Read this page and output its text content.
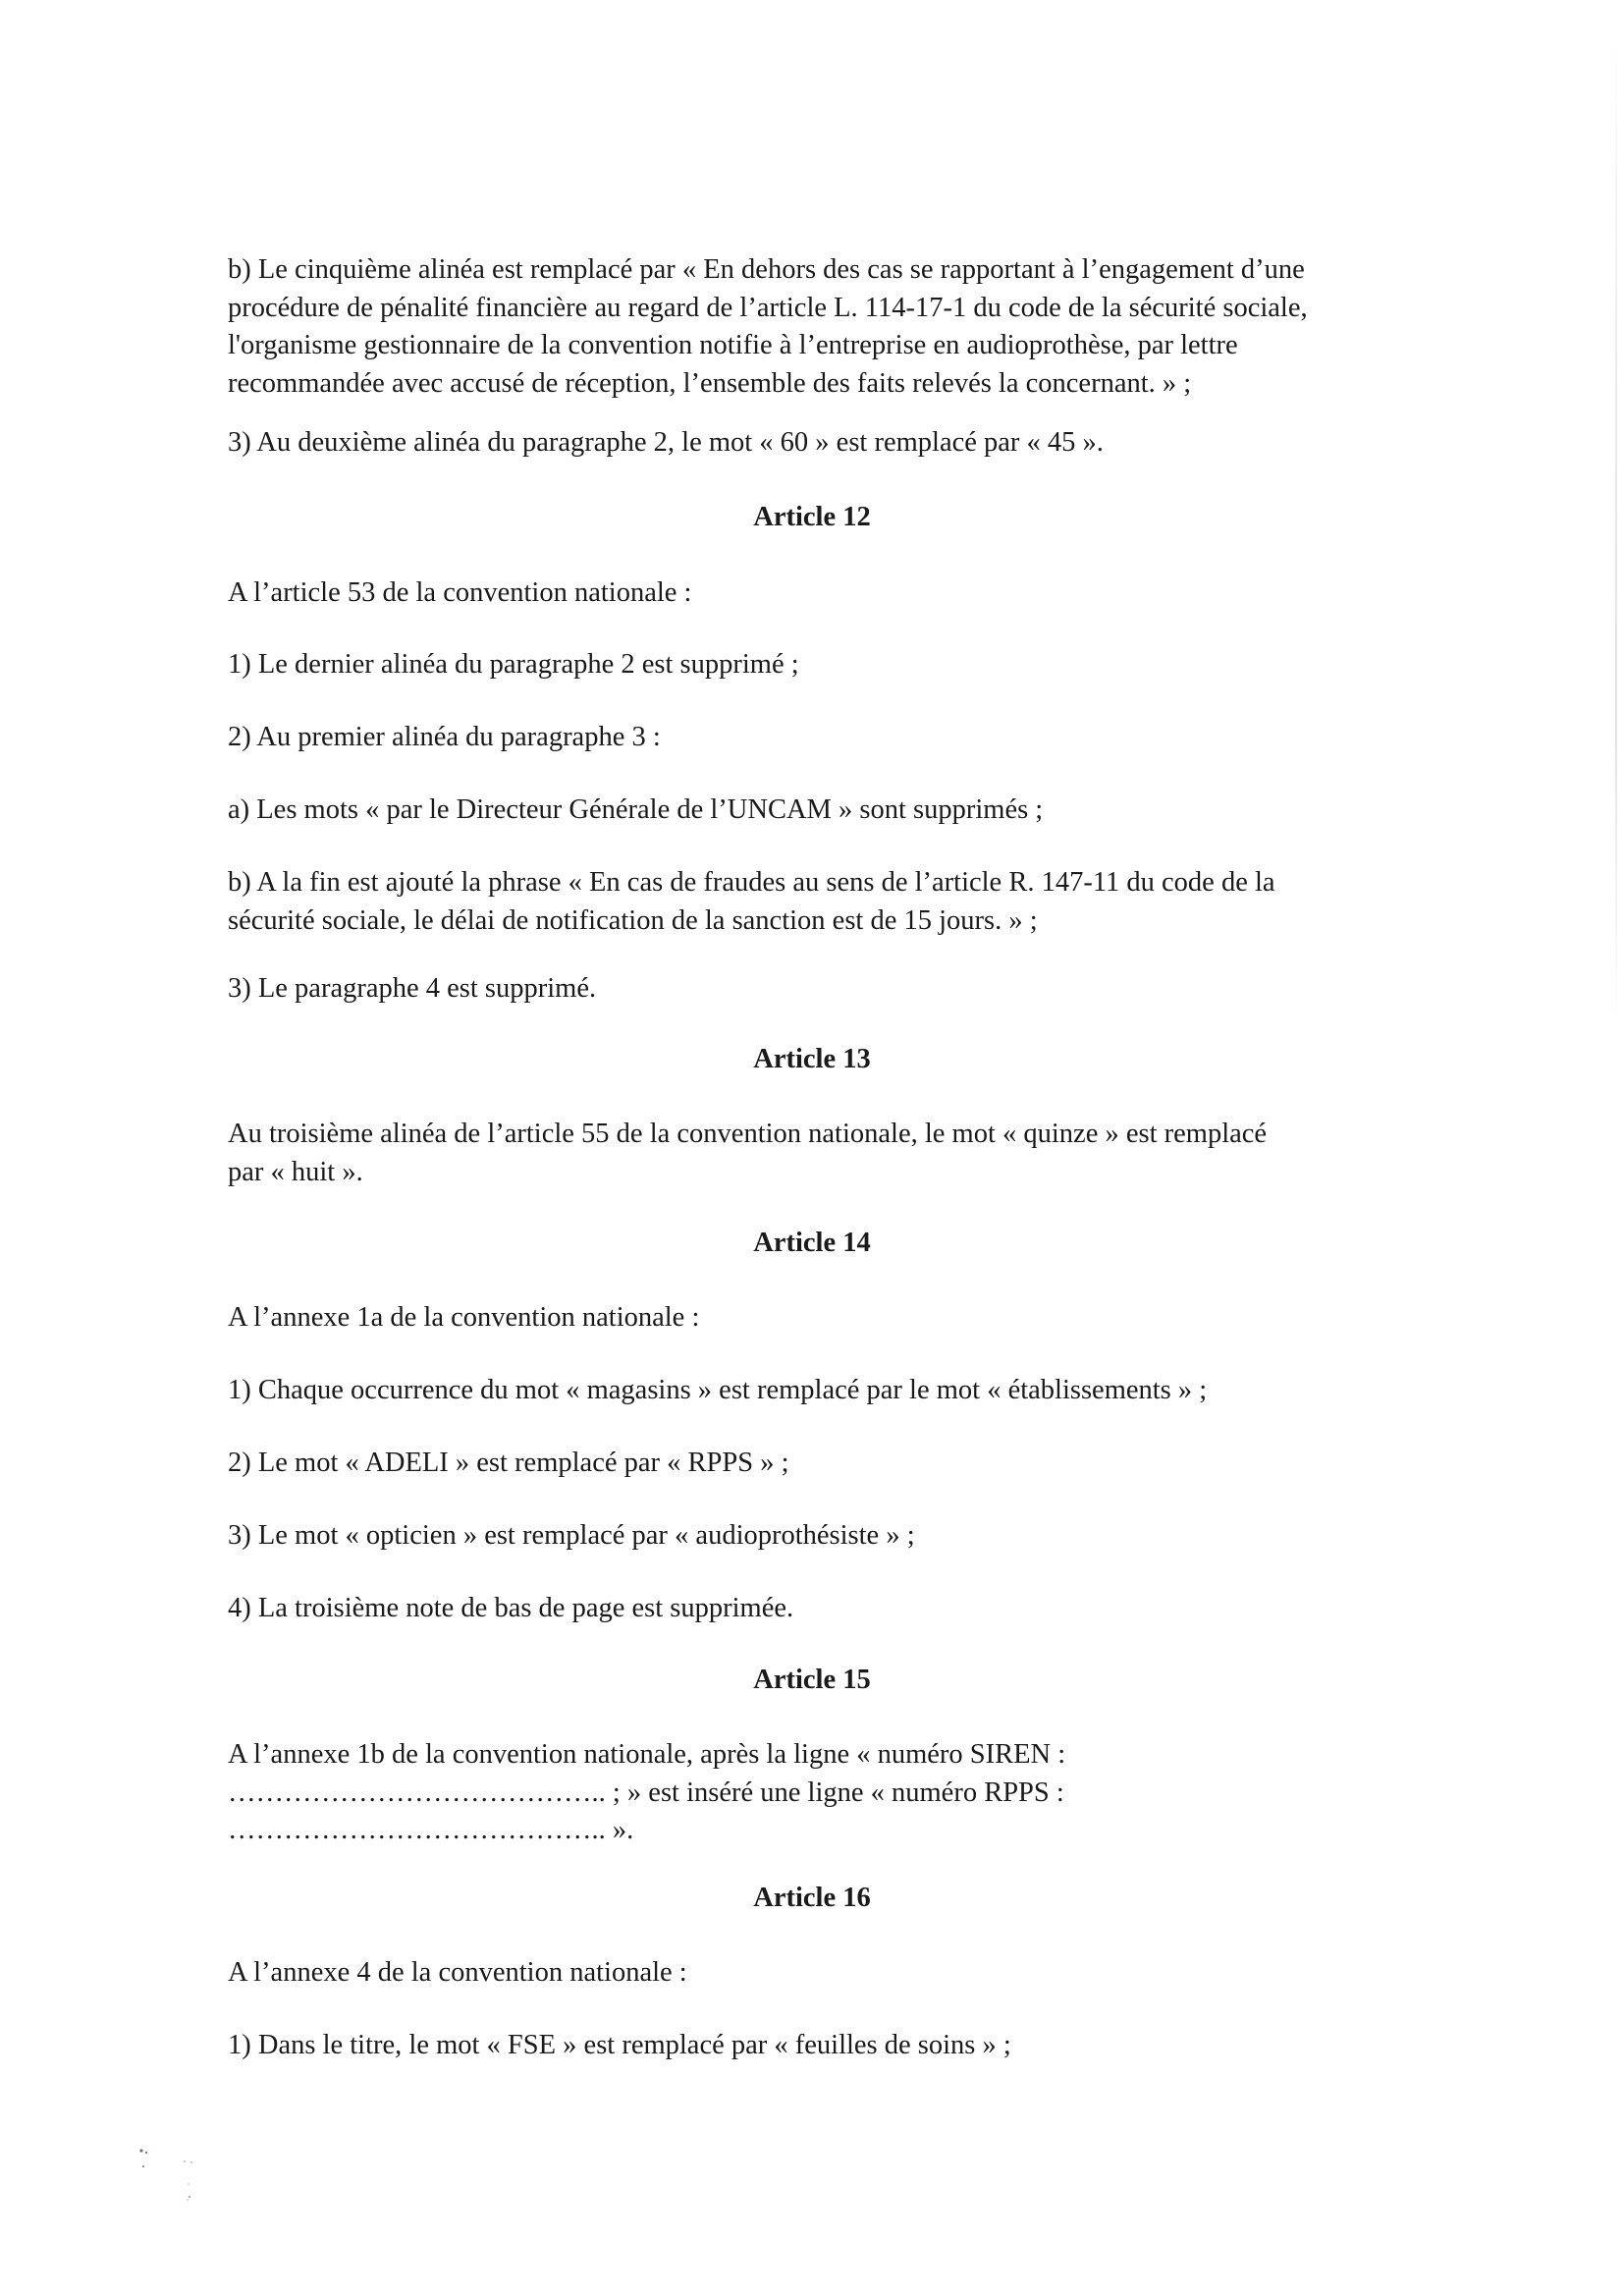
b) Le cinquième alinéa est remplacé par « En dehors des cas se rapportant à l’engagement d’une
procédure de pénalité financière au regard de l’article L. 114-17-1 du code de la sécurité sociale,
l'organisme gestionnaire de la convention notifie à l’entreprise en audioprothèse, par lettre
recommandée avec accusé de réception, l’ensemble des faits relevés la concernant. » ;

3) Au deuxième alinéa du paragraphe 2, le mot « 60 » est remplacé par « 45 ».

Article 12

A l’article 53 de la convention nationale :

1) Le dernier alinéa du paragraphe 2 est supprimé ;

2) Au premier alinéa du paragraphe 3 :

a) Les mots « par le Directeur Générale de l’UNCAM » sont supprimés ;

b) A la fin est ajouté la phrase « En cas de fraudes au sens de l’article R. 147-11 du code de la
sécurité sociale, le délai de notification de la sanction est de 15 jours. » ;

3) Le paragraphe 4 est supprimé.

Article 13

Au troisième alinéa de l’article 55 de la convention nationale, le mot « quinze » est remplacé
par « huit ».

Article 14

A l’annexe 1a de la convention nationale :

1) Chaque occurrence du mot « magasins » est remplacé par le mot « établissements » ;

2) Le mot « ADELI » est remplacé par « RPPS » ;

3) Le mot « opticien » est remplacé par « audioprothésiste » ;

4) La troisième note de bas de page est supprimée.

Article 15

A l’annexe 1b de la convention nationale, après la ligne « numéro SIREN :
………………………………….. ; » est inséré une ligne « numéro RPPS :
………………………………….. ».

Article 16

A l’annexe 4 de la convention nationale :

1) Dans le titre, le mot « FSE » est remplacé par « feuilles de soins » ;
